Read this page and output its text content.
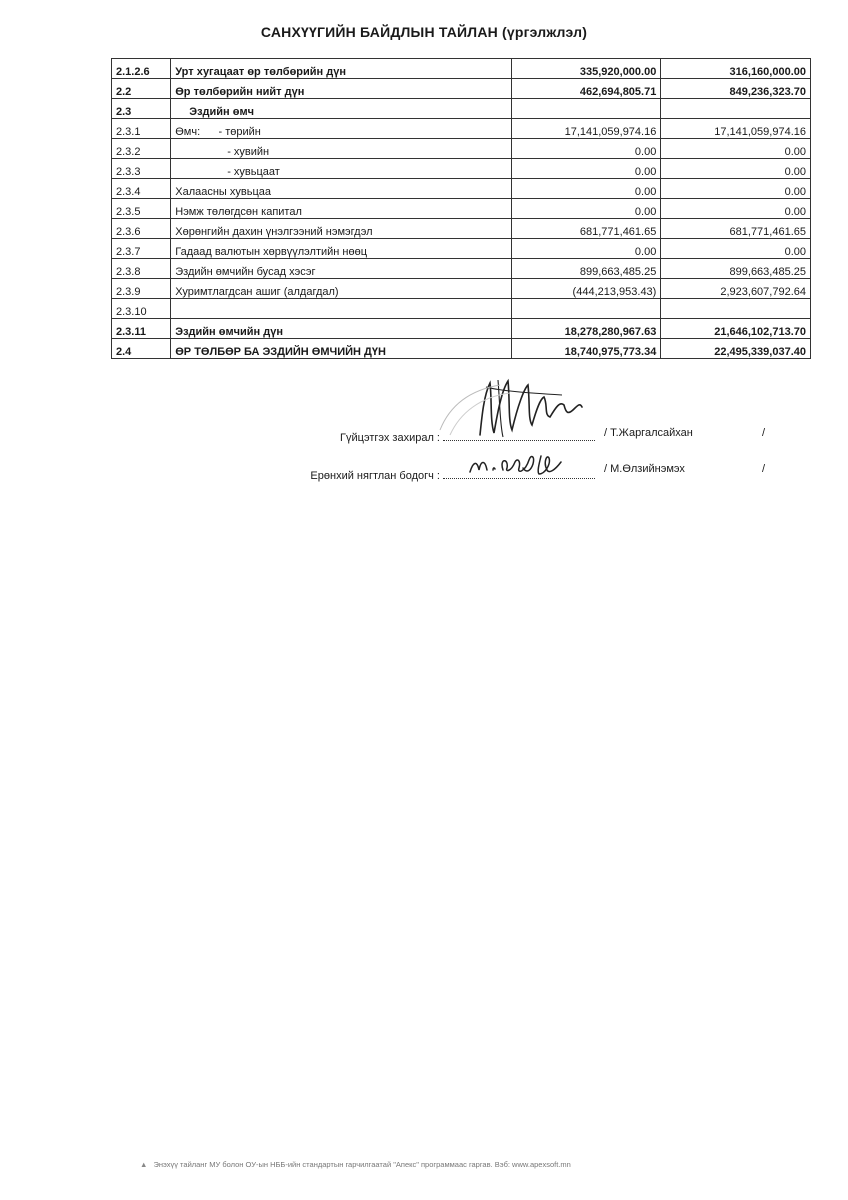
САНХҮҮГИЙН БАЙДЛЫН ТАЙЛАН (үргэлжлэл)
2.1.2.6	Урт хугацаат өр төлбөрийн дүн	335,920,000.00	316,160,000.00
2.2	Өр төлбөрийн нийт дүн	462,694,805.71	849,236,323.70
2.3	Эздийн өмч		
2.3.1	Өмч:      - төрийн	17,141,059,974.16	17,141,059,974.16
2.3.2	- хувийн	0.00	0.00
2.3.3	- хувьцаат	0.00	0.00
2.3.4	Халаасны хувьцаа	0.00	0.00
2.3.5	Нэмж төлөгдсөн капитал	0.00	0.00
2.3.6	Хөрөнгийн дахин үнэлгээний нэмэгдэл	681,771,461.65	681,771,461.65
2.3.7	Гадаад валютын хөрвүүлэлтийн нөөц	0.00	0.00
2.3.8	Эздийн өмчийн бусад хэсэг	899,663,485.25	899,663,485.25
2.3.9	Хуримтлагдсан ашиг (алдагдал)	(444,213,953.43)	2,923,607,792.64
2.3.10			
2.3.11	Эздийн өмчийн дүн	18,278,280,967.63	21,646,102,713.70
2.4	ӨР ТӨЛБӨР БА ЭЗДИЙН ӨМЧИЙН ДҮН	18,740,975,773.34	22,495,339,037.40
Гүйцэтгэх захирал :	/ Т.Жаргалсайхан	/
Ерөнхий нягтлан бодогч :
/ М.Өлзийнэмэх	/
▲ Энэхүү тайланг МУ болон ОУ-ын НББ-ийн стандартын гарчилгаатай "Апекс" программаас гаргав. Вэб: www.apexsoft.mn
